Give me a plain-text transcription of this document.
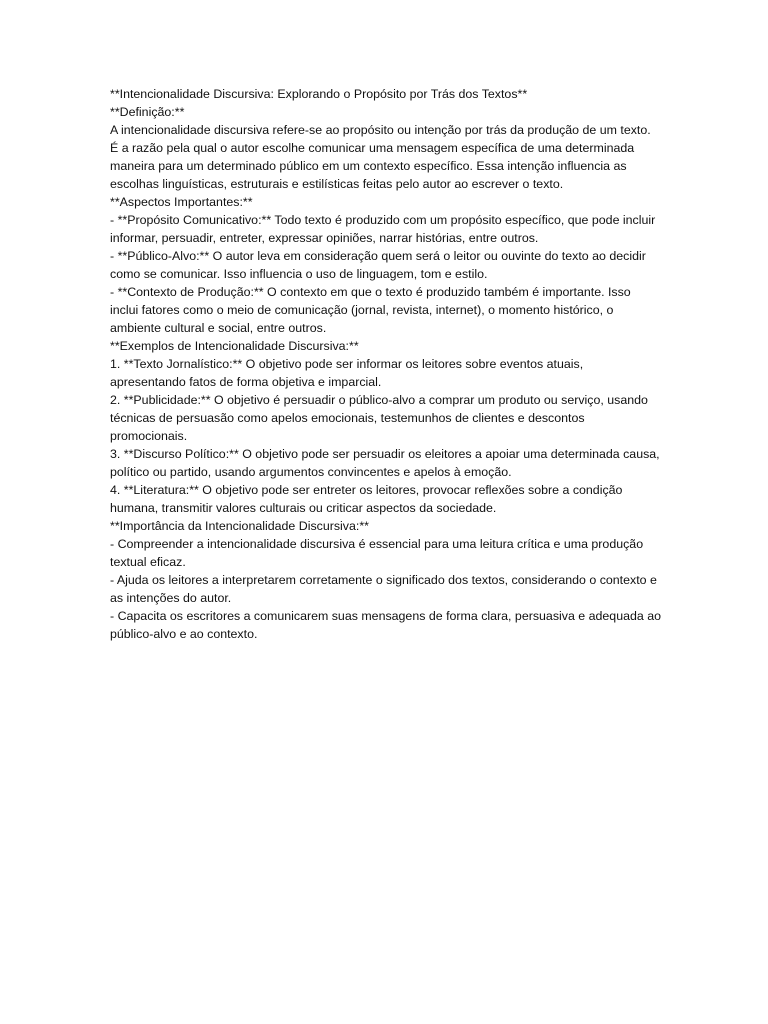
**Intencionalidade Discursiva: Explorando o Propósito por Trás dos Textos**

**Definição:**

A intencionalidade discursiva refere-se ao propósito ou intenção por trás da produção de um texto. É a razão pela qual o autor escolhe comunicar uma mensagem específica de uma determinada maneira para um determinado público em um contexto específico. Essa intenção influencia as escolhas linguísticas, estruturais e estilísticas feitas pelo autor ao escrever o texto.

**Aspectos Importantes:**

- **Propósito Comunicativo:** Todo texto é produzido com um propósito específico, que pode incluir informar, persuadir, entreter, expressar opiniões, narrar histórias, entre outros.

- **Público-Alvo:** O autor leva em consideração quem será o leitor ou ouvinte do texto ao decidir como se comunicar. Isso influencia o uso de linguagem, tom e estilo.

- **Contexto de Produção:** O contexto em que o texto é produzido também é importante. Isso inclui fatores como o meio de comunicação (jornal, revista, internet), o momento histórico, o ambiente cultural e social, entre outros.

**Exemplos de Intencionalidade Discursiva:**

1. **Texto Jornalístico:** O objetivo pode ser informar os leitores sobre eventos atuais, apresentando fatos de forma objetiva e imparcial.

2. **Publicidade:** O objetivo é persuadir o público-alvo a comprar um produto ou serviço, usando técnicas de persuasão como apelos emocionais, testemunhos de clientes e descontos promocionais.

3. **Discurso Político:** O objetivo pode ser persuadir os eleitores a apoiar uma determinada causa, político ou partido, usando argumentos convincentes e apelos à emoção.

4. **Literatura:** O objetivo pode ser entreter os leitores, provocar reflexões sobre a condição humana, transmitir valores culturais ou criticar aspectos da sociedade.

**Importância da Intencionalidade Discursiva:**

- Compreender a intencionalidade discursiva é essencial para uma leitura crítica e uma produção textual eficaz.

- Ajuda os leitores a interpretarem corretamente o significado dos textos, considerando o contexto e as intenções do autor.

- Capacita os escritores a comunicarem suas mensagens de forma clara, persuasiva e adequada ao público-alvo e ao contexto.
